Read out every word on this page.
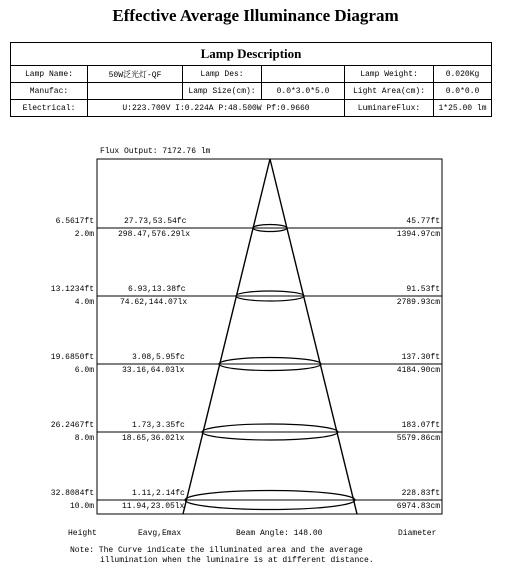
Effective Average Illuminance Diagram
Lamp Description					
Lamp Name:	50W泛光灯-QF	Lamp Des:		Lamp Weight:	0.020Kg
Manufac:		Lamp Size(cm):	0.0*3.0*5.0	Light Area(cm):	0.0*0.0
Electrical:	U:223.700V I:0.224A P:48.500W Pf:0.9660			LuminareFlux:	1*25.00 lm
Flux Output: 7172.76 lm
6.5617ft
2.0m
27.73,53.54fc
298.47,576.29lx
45.77ft
1394.97cm
13.1234ft
4.0m
6.93,13.38fc
74.62,144.07lx
91.53ft
2789.93cm
19.6850ft
6.0m
3.08,5.95fc
33.16,64.03lx
137.30ft
4184.90cm
26.2467ft
8.0m
1.73,3.35fc
18.65,36.02lx
183.07ft
5579.86cm
32.8084ft
10.0m
1.11,2.14fc
11.94,23.05lx
228.83ft
6974.83cm
Height	Eavg,Emax	Beam Angle: 148.00	Diameter
Note: The Curve indicate the illuminated area and the average
illumination when the luminaire is at different distance.
